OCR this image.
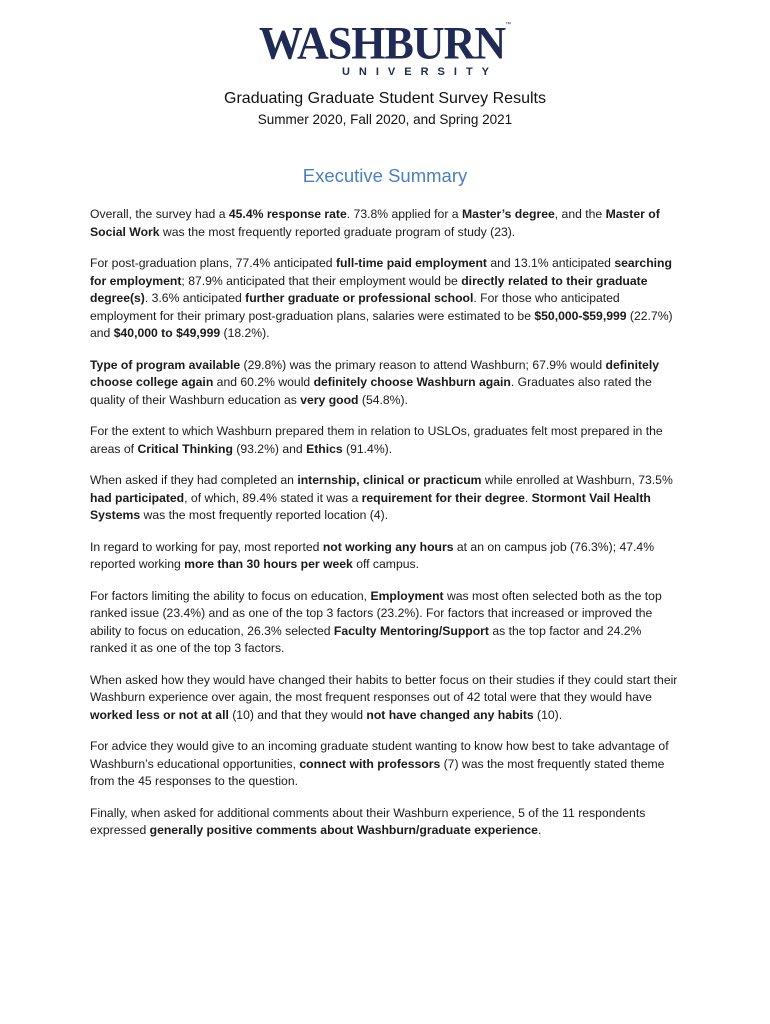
WASHBURN™
UNIVERSITY
Graduating Graduate Student Survey Results
Summer 2020, Fall 2020, and Spring 2021
Executive Summary

Overall, the survey had a 45.4% response rate. 73.8% applied for a Master’s degree, and the Master of Social Work was the most frequently reported graduate program of study (23).

For post-graduation plans, 77.4% anticipated full-time paid employment and 13.1% anticipated searching for employment; 87.9% anticipated that their employment would be directly related to their graduate degree(s). 3.6% anticipated further graduate or professional school. For those who anticipated employment for their primary post-graduation plans, salaries were estimated to be $50,000-$59,999 (22.7%) and $40,000 to $49,999 (18.2%).

Type of program available (29.8%) was the primary reason to attend Washburn; 67.9% would definitely choose college again and 60.2% would definitely choose Washburn again. Graduates also rated the quality of their Washburn education as very good (54.8%).

For the extent to which Washburn prepared them in relation to USLOs, graduates felt most prepared in the areas of Critical Thinking (93.2%) and Ethics (91.4%).

When asked if they had completed an internship, clinical or practicum while enrolled at Washburn, 73.5% had participated, of which, 89.4% stated it was a requirement for their degree. Stormont Vail Health Systems was the most frequently reported location (4).

In regard to working for pay, most reported not working any hours at an on campus job (76.3%); 47.4% reported working more than 30 hours per week off campus.

For factors limiting the ability to focus on education, Employment was most often selected both as the top ranked issue (23.4%) and as one of the top 3 factors (23.2%). For factors that increased or improved the ability to focus on education, 26.3% selected Faculty Mentoring/Support as the top factor and 24.2% ranked it as one of the top 3 factors.

When asked how they would have changed their habits to better focus on their studies if they could start their Washburn experience over again, the most frequent responses out of 42 total were that they would have worked less or not at all (10) and that they would not have changed any habits (10).

For advice they would give to an incoming graduate student wanting to know how best to take advantage of Washburn’s educational opportunities, connect with professors (7) was the most frequently stated theme from the 45 responses to the question.

Finally, when asked for additional comments about their Washburn experience, 5 of the 11 respondents expressed generally positive comments about Washburn/graduate experience.
